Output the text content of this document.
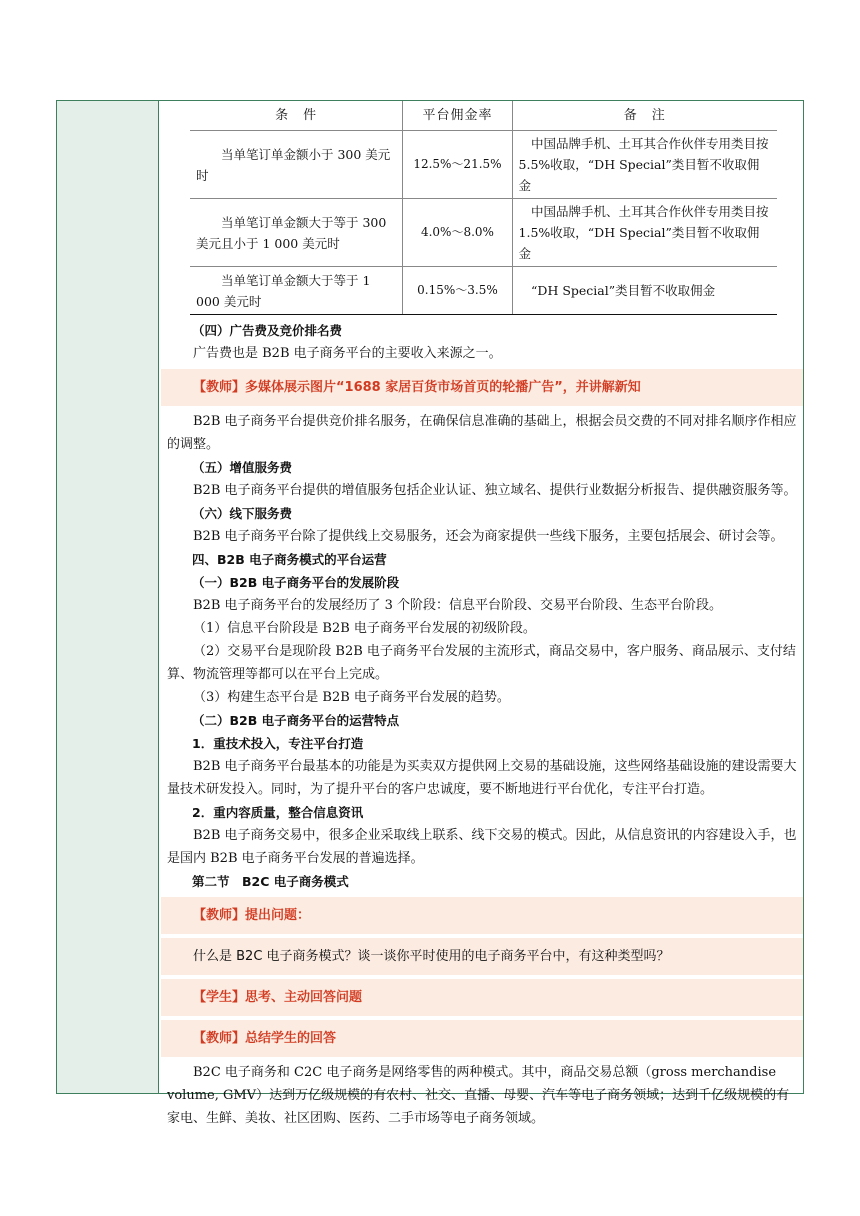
条　件	平台佣金率	备　注
当单笔订单金额小于 300 美元时	12.5%～21.5%	中国品牌手机、土耳其合作伙伴专用类目按5.5%收取，“DH Special”类目暂不收取佣金
当单笔订单金额大于等于 300 美元且小于 1 000 美元时	4.0%～8.0%	中国品牌手机、土耳其合作伙伴专用类目按1.5%收取，“DH Special”类目暂不收取佣金
当单笔订单金额大于等于 1 000 美元时	0.15%～3.5%	“DH Special”类目暂不收取佣金

（四）广告费及竞价排名费

广告费也是 B2B 电子商务平台的主要收入来源之一。

【教师】多媒体展示图片“1688 家居百货市场首页的轮播广告”，并讲解新知

B2B 电子商务平台提供竞价排名服务，在确保信息准确的基础上，根据会员交费的不同对排名顺序作相应的调整。

（五）增值服务费

B2B 电子商务平台提供的增值服务包括企业认证、独立域名、提供行业数据分析报告、提供融资服务等。

（六）线下服务费

B2B 电子商务平台除了提供线上交易服务，还会为商家提供一些线下服务，主要包括展会、研讨会等。

四、B2B 电子商务模式的平台运营

（一）B2B 电子商务平台的发展阶段

B2B 电子商务平台的发展经历了 3 个阶段：信息平台阶段、交易平台阶段、生态平台阶段。

（1）信息平台阶段是 B2B 电子商务平台发展的初级阶段。

（2）交易平台是现阶段 B2B 电子商务平台发展的主流形式，商品交易中，客户服务、商品展示、支付结算、物流管理等都可以在平台上完成。

（3）构建生态平台是 B2B 电子商务平台发展的趋势。

（二）B2B 电子商务平台的运营特点

1．重技术投入，专注平台打造

B2B 电子商务平台最基本的功能是为买卖双方提供网上交易的基础设施，这些网络基础设施的建设需要大量技术研发投入。同时，为了提升平台的客户忠诚度，要不断地进行平台优化，专注平台打造。

2．重内容质量，整合信息资讯

B2B 电子商务交易中，很多企业采取线上联系、线下交易的模式。因此，从信息资讯的内容建设入手，也是国内 B2B 电子商务平台发展的普遍选择。

第二节　B2C 电子商务模式

【教师】提出问题：
什么是 B2C 电子商务模式？谈一谈你平时使用的电子商务平台中，有这种类型吗？
【学生】思考、主动回答问题
【教师】总结学生的回答

B2C 电子商务和 C2C 电子商务是网络零售的两种模式。其中，商品交易总额（gross merchandise volume, GMV）达到万亿级规模的有农村、社交、直播、母婴、汽车等电子商务领域；达到千亿级规模的有家电、生鲜、美妆、社区团购、医药、二手市场等电子商务领域。
